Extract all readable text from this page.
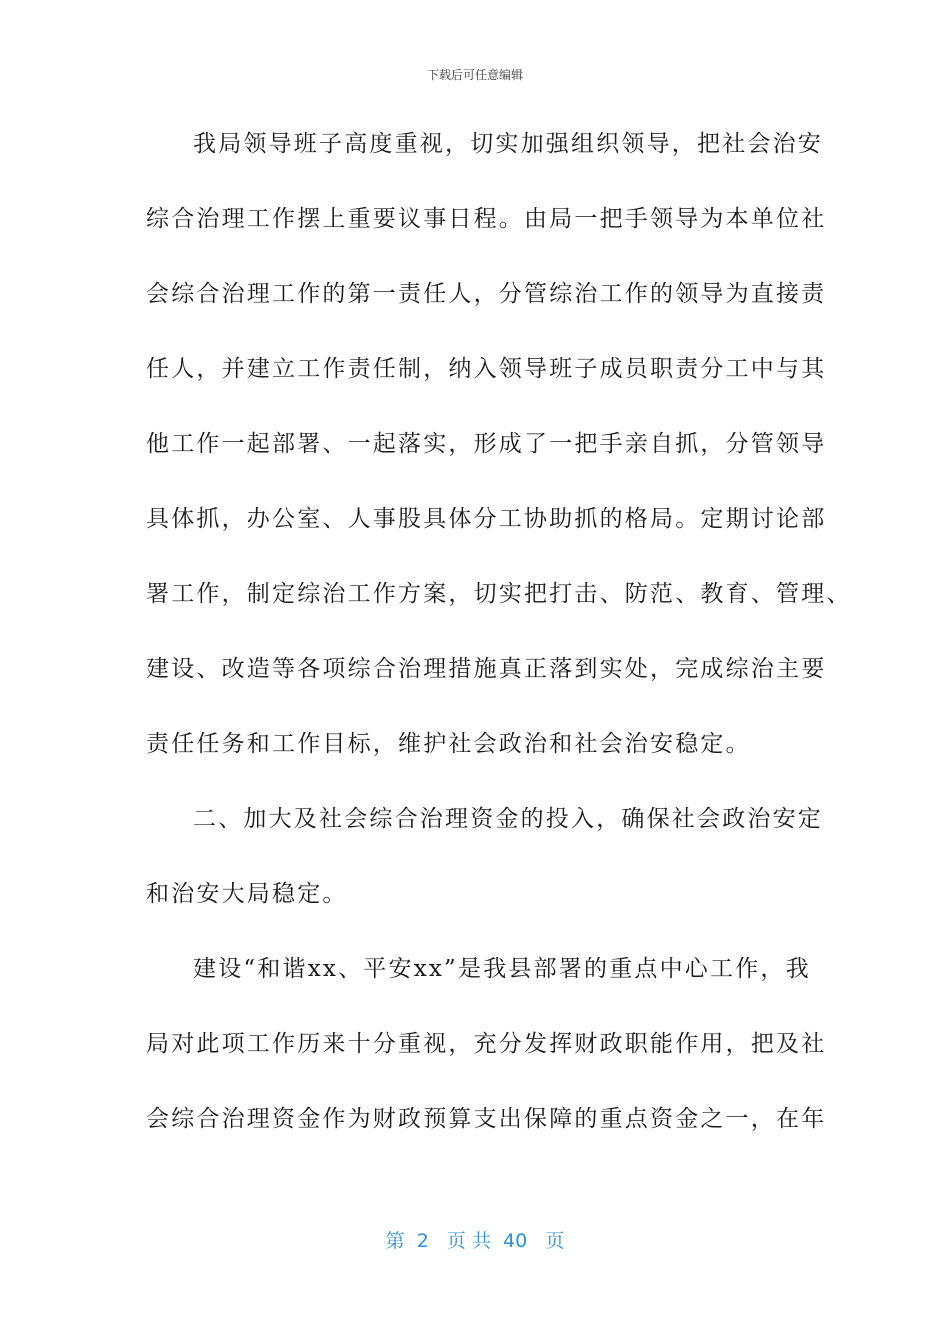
下载后可任意编辑
我局领导班子高度重视，切实加强组织领导，把社会治安
综合治理工作摆上重要议事日程。由局一把手领导为本单位社
会综合治理工作的第一责任人，分管综治工作的领导为直接责
任人，并建立工作责任制，纳入领导班子成员职责分工中与其
他工作一起部署、一起落实，形成了一把手亲自抓，分管领导
具体抓，办公室、人事股具体分工协助抓的格局。定期讨论部
署工作，制定综治工作方案，切实把打击、防范、教育、管理、
建设、改造等各项综合治理措施真正落到实处，完成综治主要
责任任务和工作目标，维护社会政治和社会治安稳定。
二、加大及社会综合治理资金的投入，确保社会政治安定
和治安大局稳定。
建设“和谐xx、平安xx”是我县部署的重点中心工作，我
局对此项工作历来十分重视，充分发挥财政职能作用，把及社
会综合治理资金作为财政预算支出保障的重点资金之一，在年
第  2   页 共  40   页
